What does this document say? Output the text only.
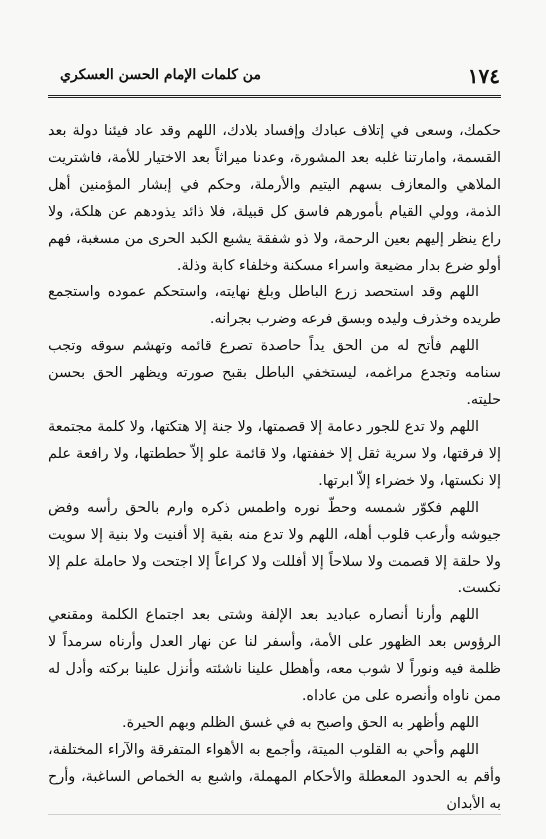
من كلمات الإمام الحسن العسكري	١٧٤

حكمك، وسعى في إتلاف عبادك وإفساد بلادك، اللهم وقد عاد فيئنا دولة بعد القسمة، وامارتنا غلبه بعد المشورة، وعدنا ميراثاً بعد الاختيار للأمة، فاشتريت الملاهي والمعازف بسهم اليتيم والأرملة، وحكم في إبشار المؤمنين أهل الذمة، وولي القيام بأمورهم فاسق كل قبيلة، فلا ذائد يذودهم عن هلكة، ولا راع ينظر إليهم بعين الرحمة، ولا ذو شفقة يشبع الكبد الحرى من مسغبة، فهم أولو ضرع بدار مضيعة واسراء مسكنة وخلفاء كابة وذلة.

اللهم وقد استحصد زرع الباطل وبلغ نهايته، واستحكم عموده واستجمع طريده وخذرف وليده وبسق فرعه وضرب بجرانه.

اللهم فأتح له من الحق يداً حاصدة تصرع قائمه وتهشم سوقه وتجب سنامه وتجدع مراغمه، ليستخفي الباطل بقبح صورته ويظهر الحق بحسن حليته.

اللهم ولا تدع للجور دعامة إلا قصمتها، ولا جنة إلا هتكتها، ولا كلمة مجتمعة إلا فرقتها، ولا سرية ثقل إلا خففتها، ولا قائمة علو إلاّ حططتها، ولا رافعة علم إلا نكستها، ولا خضراء إلاّ ابرتها.

اللهم فكوّر شمسه وحطّ نوره واطمس ذكره وارم بالحق رأسه وفض جيوشه وأرعب قلوب أهله، اللهم ولا تدع منه بقية إلا أفنيت ولا بنية إلا سويت ولا حلقة إلا قصمت ولا سلاحاً إلا أفللت ولا كراعاً إلا اجتحت ولا حاملة علم إلا نكست.

اللهم وأرنا أنصاره عباديد بعد الإلفة وشتى بعد اجتماع الكلمة ومقنعي الرؤوس بعد الظهور على الأمة، وأسفر لنا عن نهار العدل وأرناه سرمداً لا ظلمة فيه ونوراً لا شوب معه، وأهطل علينا ناشئته وأنزل علينا بركته وأدل له ممن ناواه وأنصره على من عاداه.

اللهم وأظهر به الحق واصبح به في غسق الظلم وبهم الحيرة.

اللهم وأحي به القلوب الميتة، وأجمع به الأهواء المتفرقة والآراء المختلفة، وأقم به الحدود المعطلة والأحكام المهملة، واشبع به الخماص الساغبة، وأرح به الأبدان
